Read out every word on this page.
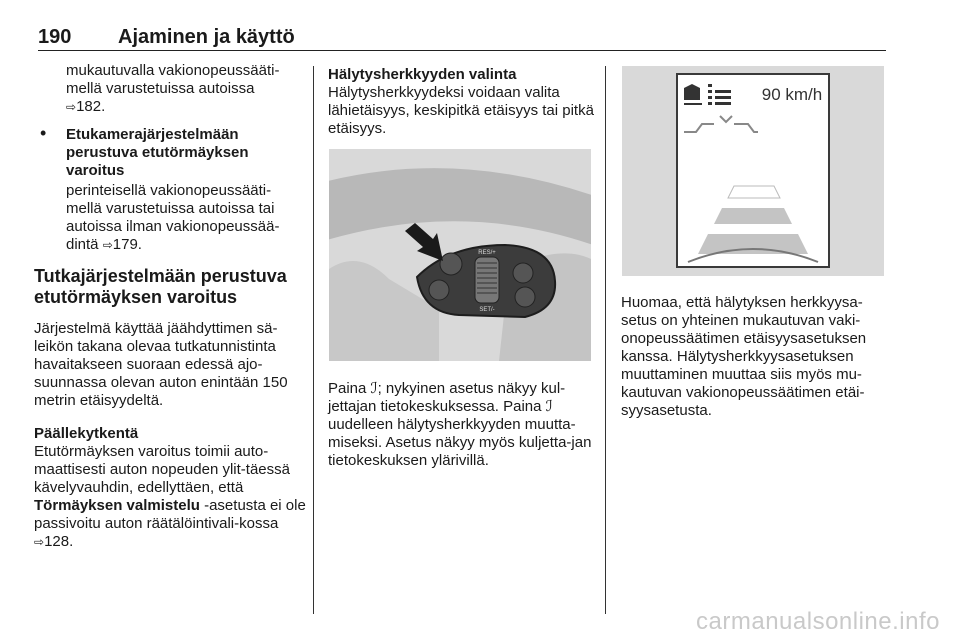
190 Ajaminen ja käyttö

mukautuvalla vakionopeussääti-mellä varustetuissa autoissa
⇨ 182.

• Etukamerajärjestelmään perustuva etutörmäyksen varoitus

perinteisellä vakionopeussääti-mellä varustetuissa autoissa tai autoissa ilman vakionopeussää-dintä ⇨ 179.

Tutkajärjestelmään perustuva etutörmäyksen varoitus

Järjestelmä käyttää jäähdyttimen sä-leikön takana olevaa tutkatunnistinta havaitakseen suoraan edessä ajo-suunnassa olevan auton enintään 150 metrin etäisyydeltä.
Päällekytkentä

Etutörmäyksen varoitus toimii auto-maattisesti auton nopeuden ylit-täessä kävelyvauhdin, edellyttäen, että Törmäyksen valmistelu -asetusta ei ole passivoitu auton räätälöintivali-kossa ⇨ 128.

Hälytysherkkyyden valinta
Hälytysherkkyydeksi voidaan valita lähietäisyys, keskipitkä etäisyys tai pitkä etäisyys.
RES/+
SET/-

Paina ℐ; nykyinen asetus näkyy kul-jettajan tietokeskuksessa. Paina ℐ uudelleen hälytysherkkyyden muutta-miseksi. Asetus näkyy myös kuljetta-jan tietokeskuksen ylärivillä.

90 km/h
Huomaa, että hälytyksen herkkyysa-setus on yhteinen mukautuvan vaki-onopeussäätimen etäisyysasetuksen kanssa. Hälytysherkkyysasetuksen muuttaminen muuttaa siis myös mu-kautuvan vakionopeussäätimen etäi-syysasetusta.
carmanualsonline.info
